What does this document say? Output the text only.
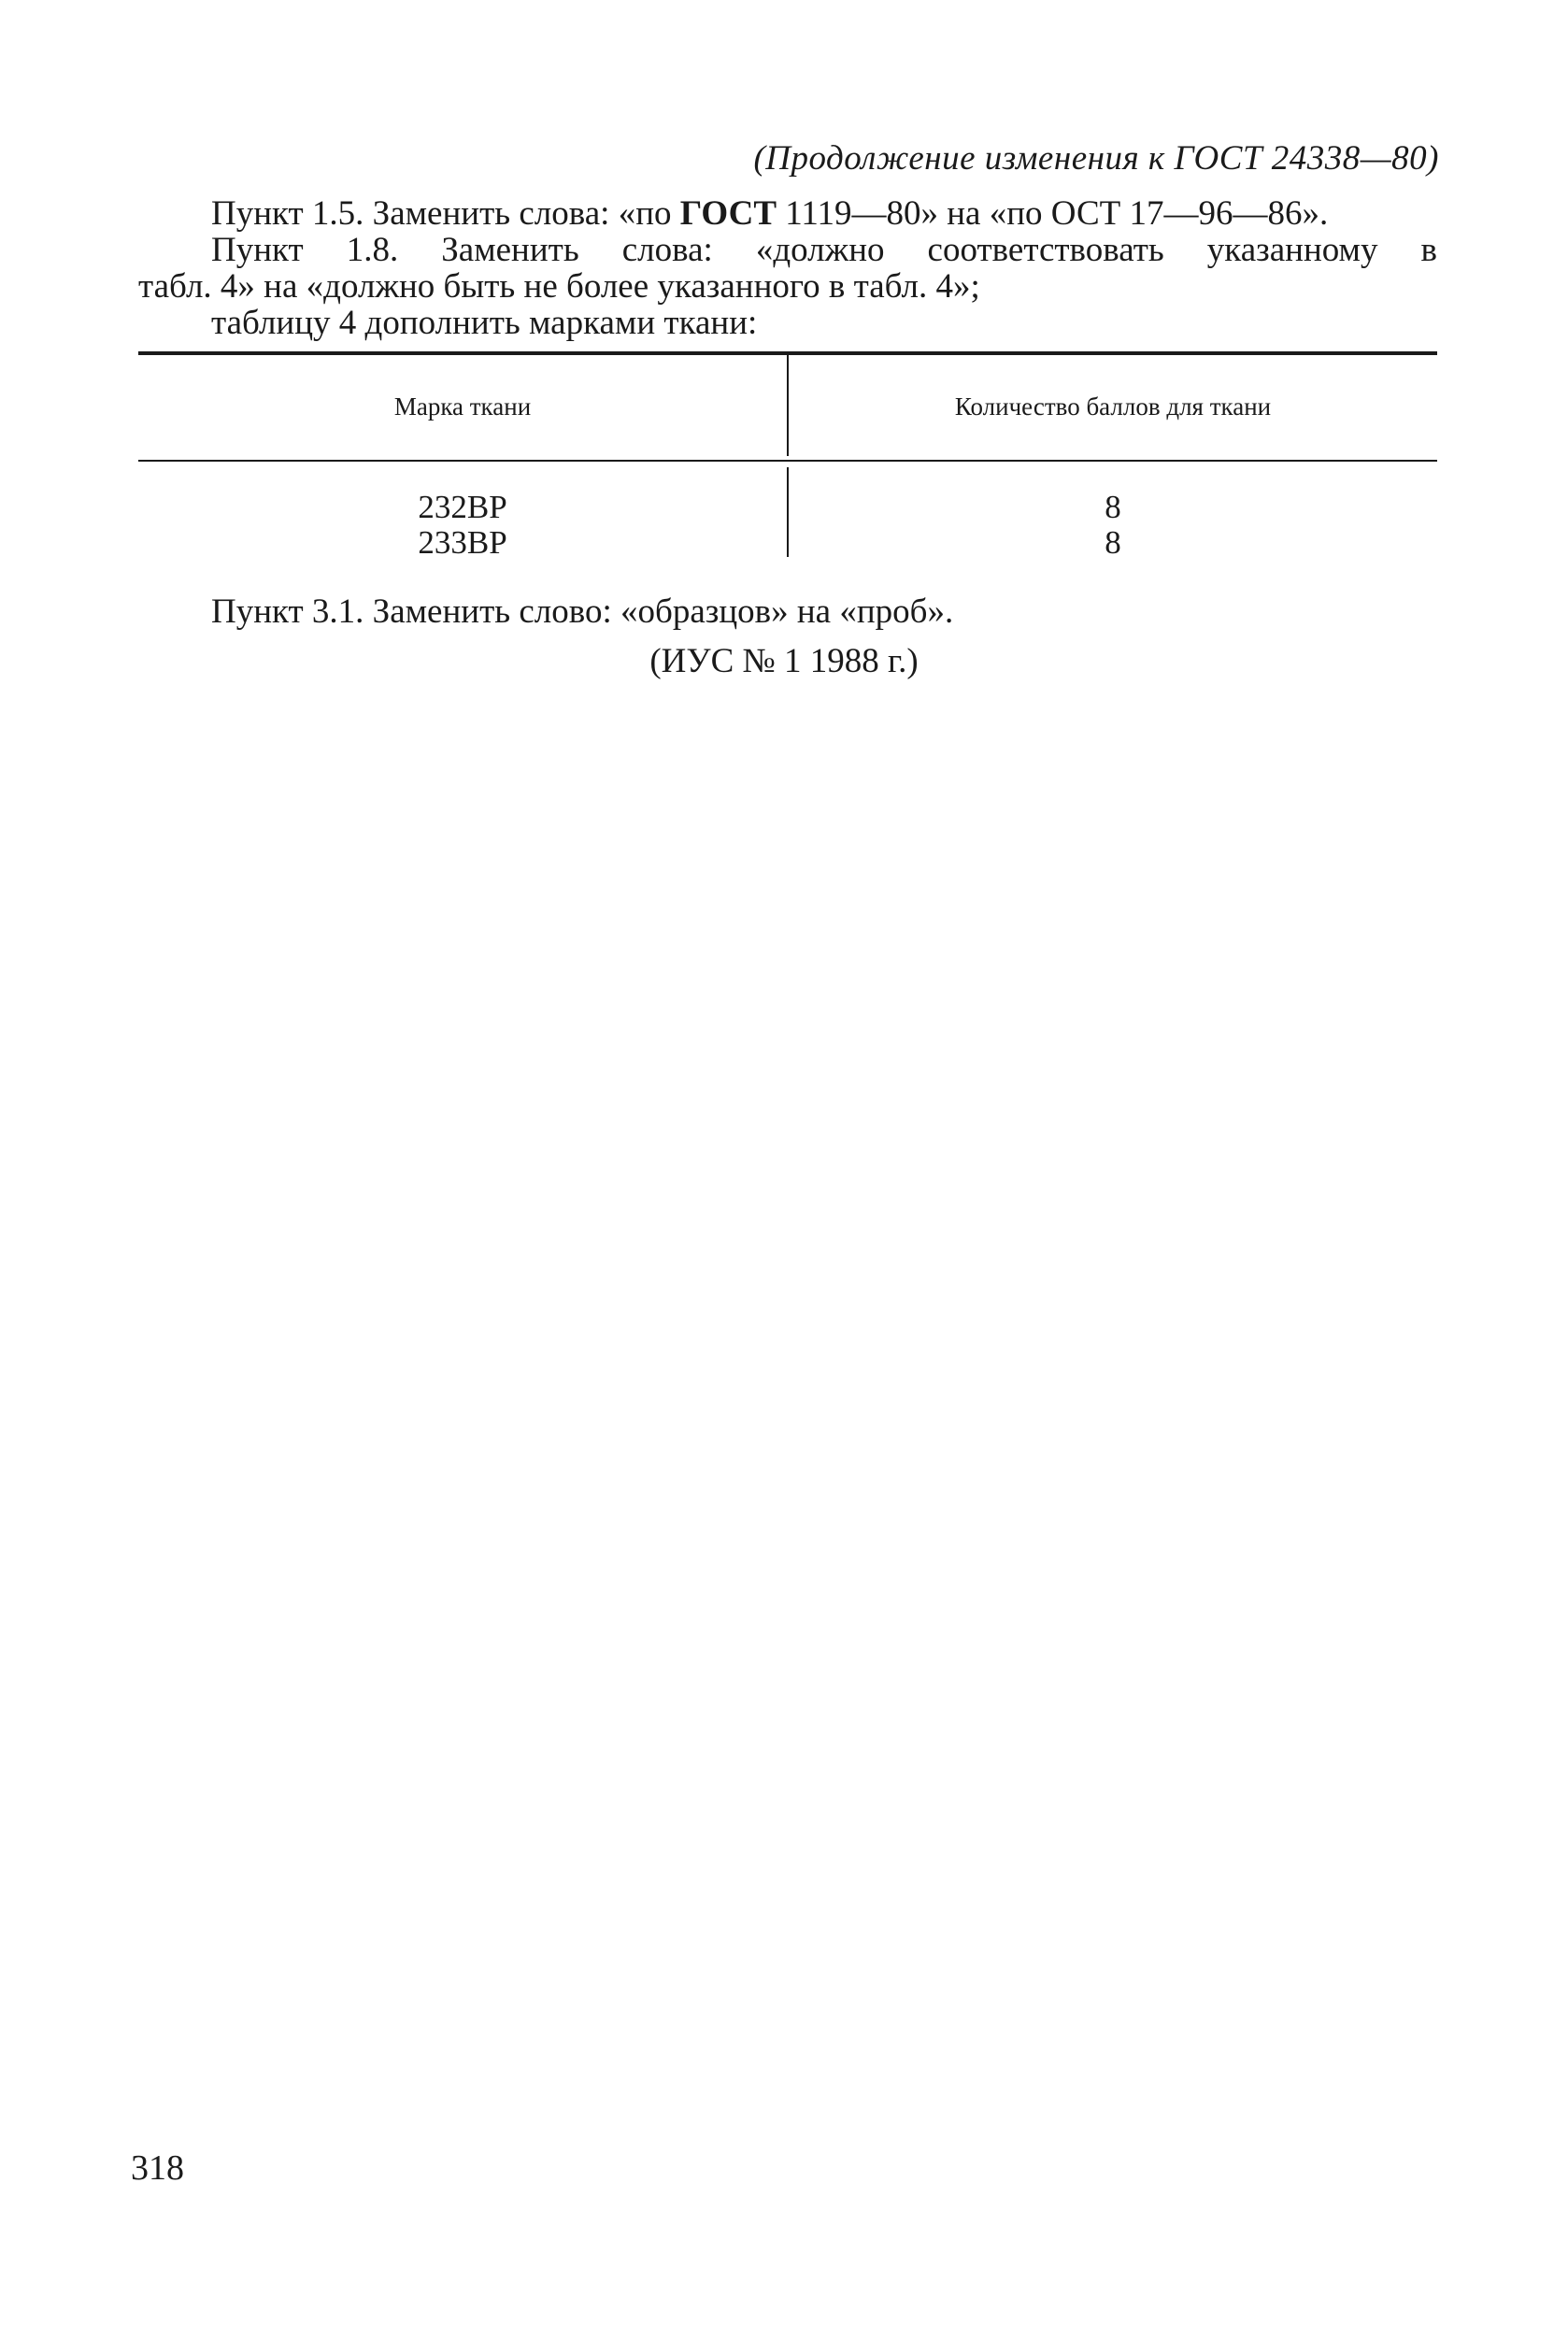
(Продолжение изменения к ГОСТ 24338—80)
Пункт 1.5. Заменить слова: «по ГОСТ 1119—80» на «по ОСТ 17—96—86».
Пункт 1.8. Заменить слова: «должно соответствовать указанному в
табл. 4» на «должно быть не более указанного в табл. 4»;
таблицу 4 дополнить марками ткани:
Марка ткани	Количество баллов для ткани
232ВР	8
233ВР	8
Пункт 3.1. Заменить слово: «образцов» на «проб».
(ИУС № 1 1988 г.)
318
